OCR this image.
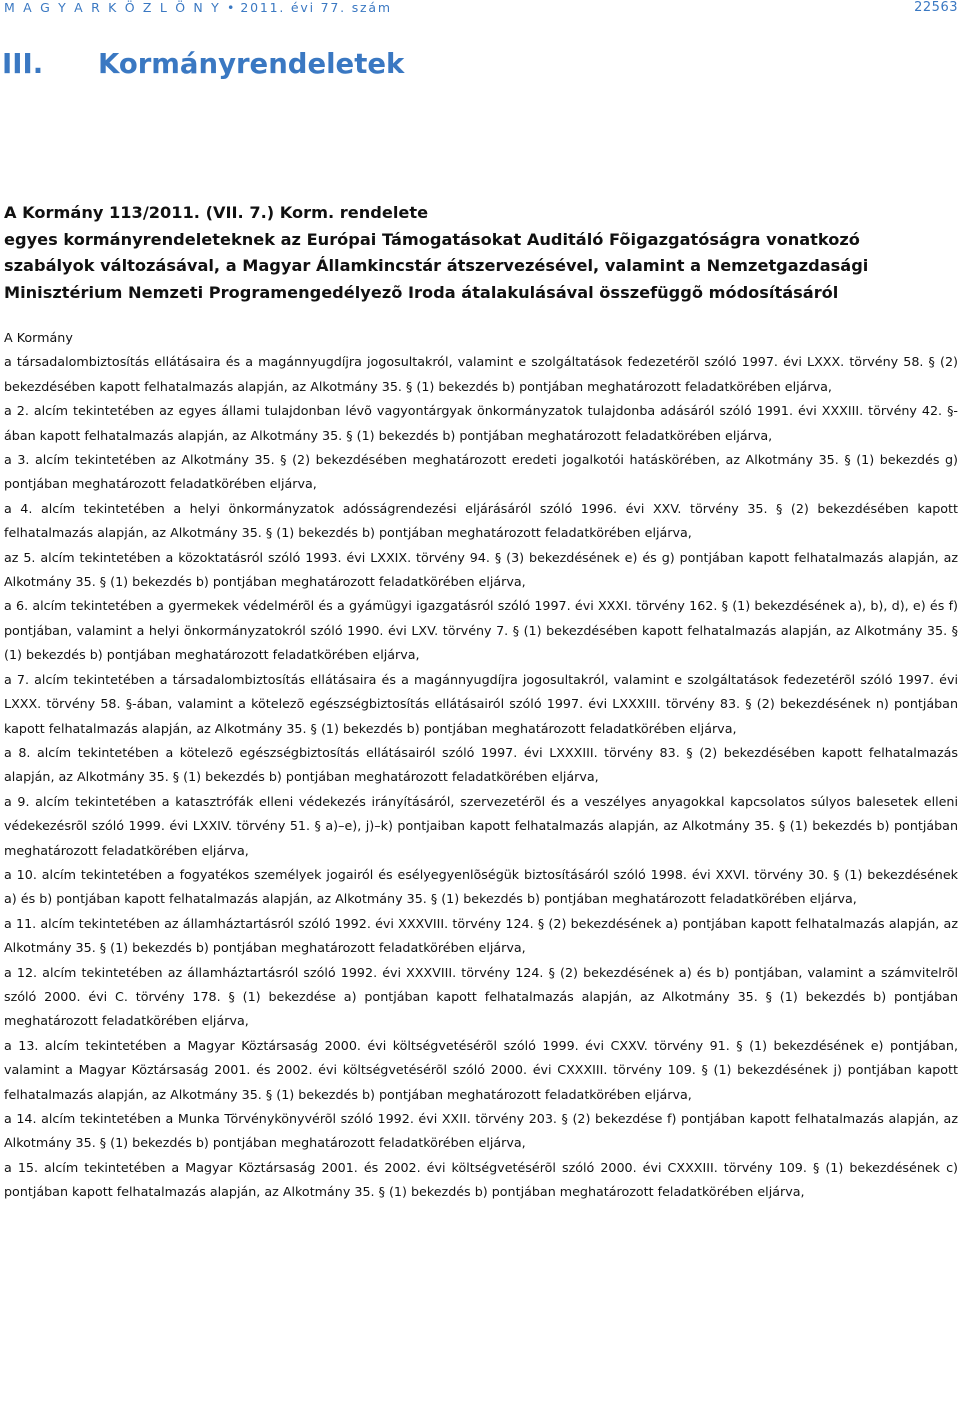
M A G Y A R K Ö Z L Ö N Y • 2011. évi 77. szám	22563
III. Kormányrendeletek
A Kormány 113/2011. (VII. 7.) Korm. rendelete
egyes kormányrendeleteknek az Európai Támogatásokat Auditáló Fõigazgatóságra vonatkozó
szabályok változásával, a Magyar Államkincstár átszervezésével, valamint a Nemzetgazdasági
Minisztérium Nemzeti Programengedélyezõ Iroda átalakulásával összefüggõ módosításáról

A Kormány

a társadalombiztosítás ellátásaira és a magánnyugdíjra jogosultakról, valamint e szolgáltatások fedezetérõl szóló 1997. évi LXXX. törvény 58. § (2) bekezdésében kapott felhatalmazás alapján, az Alkotmány 35. § (1) bekezdés b) pontjában meghatározott feladatkörében eljárva,

a 2. alcím tekintetében az egyes állami tulajdonban lévõ vagyontárgyak önkormányzatok tulajdonba adásáról szóló 1991. évi XXXIII. törvény 42. §-ában kapott felhatalmazás alapján, az Alkotmány 35. § (1) bekezdés b) pontjában meghatározott feladatkörében eljárva,

a 3. alcím tekintetében az Alkotmány 35. § (2) bekezdésében meghatározott eredeti jogalkotói hatáskörében, az Alkotmány 35. § (1) bekezdés g) pontjában meghatározott feladatkörében eljárva,

a 4. alcím tekintetében a helyi önkormányzatok adósságrendezési eljárásáról szóló 1996. évi XXV. törvény 35. § (2) bekezdésében kapott felhatalmazás alapján, az Alkotmány 35. § (1) bekezdés b) pontjában meghatározott feladatkörében eljárva,

az 5. alcím tekintetében a közoktatásról szóló 1993. évi LXXIX. törvény 94. § (3) bekezdésének e) és g) pontjában kapott felhatalmazás alapján, az Alkotmány 35. § (1) bekezdés b) pontjában meghatározott feladatkörében eljárva,

a 6. alcím tekintetében a gyermekek védelmérõl és a gyámügyi igazgatásról szóló 1997. évi XXXI. törvény 162. § (1) bekezdésének a), b), d), e) és f) pontjában, valamint a helyi önkormányzatokról szóló 1990. évi LXV. törvény 7. § (1) bekezdésében kapott felhatalmazás alapján, az Alkotmány 35. § (1) bekezdés b) pontjában meghatározott feladatkörében eljárva,

a 7. alcím tekintetében a társadalombiztosítás ellátásaira és a magánnyugdíjra jogosultakról, valamint e szolgáltatások fedezetérõl szóló 1997. évi LXXX. törvény 58. §-ában, valamint a kötelezõ egészségbiztosítás ellátásairól szóló 1997. évi LXXXIII. törvény 83. § (2) bekezdésének n) pontjában kapott felhatalmazás alapján, az Alkotmány 35. § (1) bekezdés b) pontjában meghatározott feladatkörében eljárva,

a 8. alcím tekintetében a kötelezõ egészségbiztosítás ellátásairól szóló 1997. évi LXXXIII. törvény 83. § (2) bekezdésében kapott felhatalmazás alapján, az Alkotmány 35. § (1) bekezdés b) pontjában meghatározott feladatkörében eljárva,

a 9. alcím tekintetében a katasztrófák elleni védekezés irányításáról, szervezetérõl és a veszélyes anyagokkal kapcsolatos súlyos balesetek elleni védekezésrõl szóló 1999. évi LXXIV. törvény 51. § a)–e), j)–k) pontjaiban kapott felhatalmazás alapján, az Alkotmány 35. § (1) bekezdés b) pontjában meghatározott feladatkörében eljárva,

a 10. alcím tekintetében a fogyatékos személyek jogairól és esélyegyenlõségük biztosításáról szóló 1998. évi XXVI. törvény 30. § (1) bekezdésének a) és b) pontjában kapott felhatalmazás alapján, az Alkotmány 35. § (1) bekezdés b) pontjában meghatározott feladatkörében eljárva,

a 11. alcím tekintetében az államháztartásról szóló 1992. évi XXXVIII. törvény 124. § (2) bekezdésének a) pontjában kapott felhatalmazás alapján, az Alkotmány 35. § (1) bekezdés b) pontjában meghatározott feladatkörében eljárva,

a 12. alcím tekintetében az államháztartásról szóló 1992. évi XXXVIII. törvény 124. § (2) bekezdésének a) és b) pontjában, valamint a számvitelrõl szóló 2000. évi C. törvény 178. § (1) bekezdése a) pontjában kapott felhatalmazás alapján, az Alkotmány 35. § (1) bekezdés b) pontjában meghatározott feladatkörében eljárva,

a 13. alcím tekintetében a Magyar Köztársaság 2000. évi költségvetésérõl szóló 1999. évi CXXV. törvény 91. § (1) bekezdésének e) pontjában, valamint a Magyar Köztársaság 2001. és 2002. évi költségvetésérõl szóló 2000. évi CXXXIII. törvény 109. § (1) bekezdésének j) pontjában kapott felhatalmazás alapján, az Alkotmány 35. § (1) bekezdés b) pontjában meghatározott feladatkörében eljárva,

a 14. alcím tekintetében a Munka Törvénykönyvérõl szóló 1992. évi XXII. törvény 203. § (2) bekezdése f) pontjában kapott felhatalmazás alapján, az Alkotmány 35. § (1) bekezdés b) pontjában meghatározott feladatkörében eljárva,

a 15. alcím tekintetében a Magyar Köztársaság 2001. és 2002. évi költségvetésérõl szóló 2000. évi CXXXIII. törvény 109. § (1) bekezdésének c) pontjában kapott felhatalmazás alapján, az Alkotmány 35. § (1) bekezdés b) pontjában meghatározott feladatkörében eljárva,
